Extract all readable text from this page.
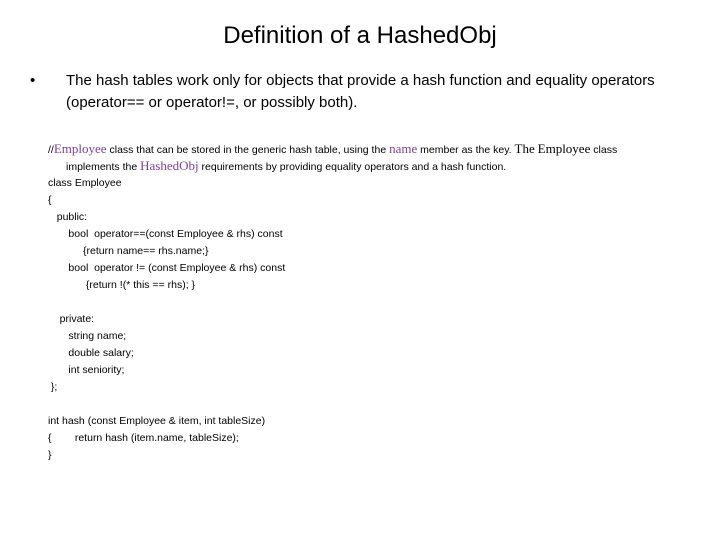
Definition of a HashedObj
• The hash tables work only for objects that provide a hash function and equality operators (operator== or operator!=, or possibly both).
//Employee class that can be stored in the generic hash table, using the name member as the key. The Employee class
implements the HashedObj requirements by providing equality operators and a hash function.
class Employee
{
public:
bool  operator==(const Employee & rhs) const
{return name== rhs.name;}
bool  operator != (const Employee & rhs) const
{return !(* this == rhs); }
private:
string name;
double salary;
int seniority;
};
int hash (const Employee & item, int tableSize)
{        return hash (item.name, tableSize);
}
